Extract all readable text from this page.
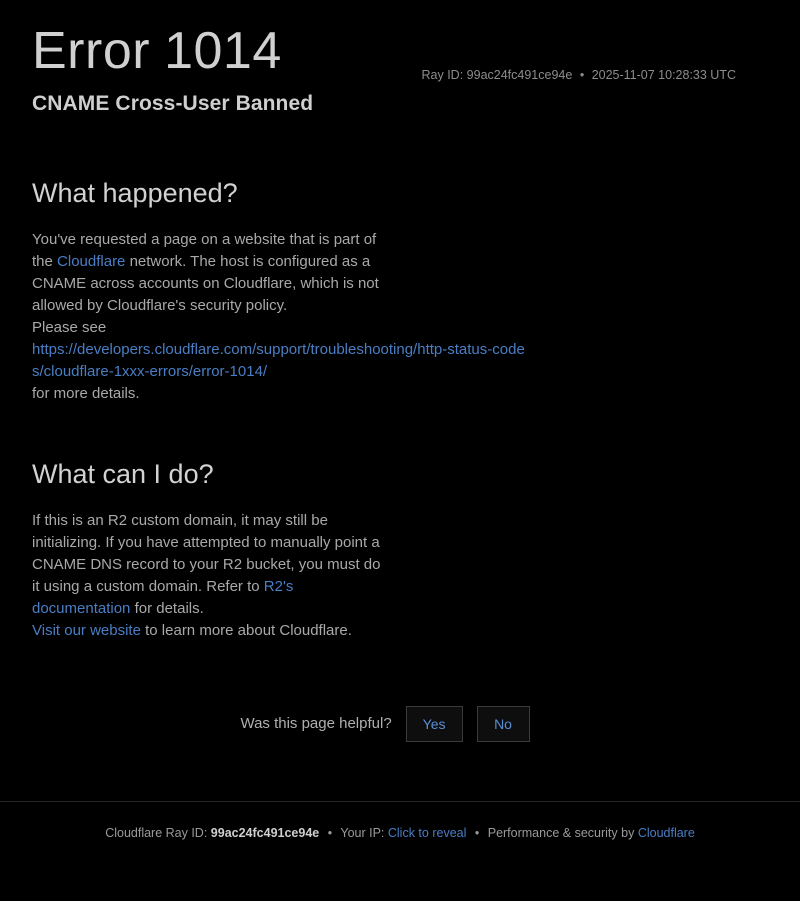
Error 1014	Ray ID: 99ac24fc491ce94e • 2025-11-07 10:28:33 UTC
CNAME Cross-User Banned
What happened?

You've requested a page on a website that is part of the Cloudflare network. The host is configured as a CNAME across accounts on Cloudflare, which is not allowed by Cloudflare's security policy.

Please see
https://developers.cloudflare.com/support/troubleshooting/http-status-codes/cloudflare-1xxx-errors/error-1014/
for more details.

What can I do?

If this is an R2 custom domain, it may still be initializing. If you have attempted to manually point a CNAME DNS record to your R2 bucket, you must do it using a custom domain. Refer to R2's documentation for details.

Visit our website to learn more about Cloudflare.

Was this page helpful?	Yes	No
Cloudflare Ray ID: 99ac24fc491ce94e • Your IP: Click to reveal • Performance & security by Cloudflare
